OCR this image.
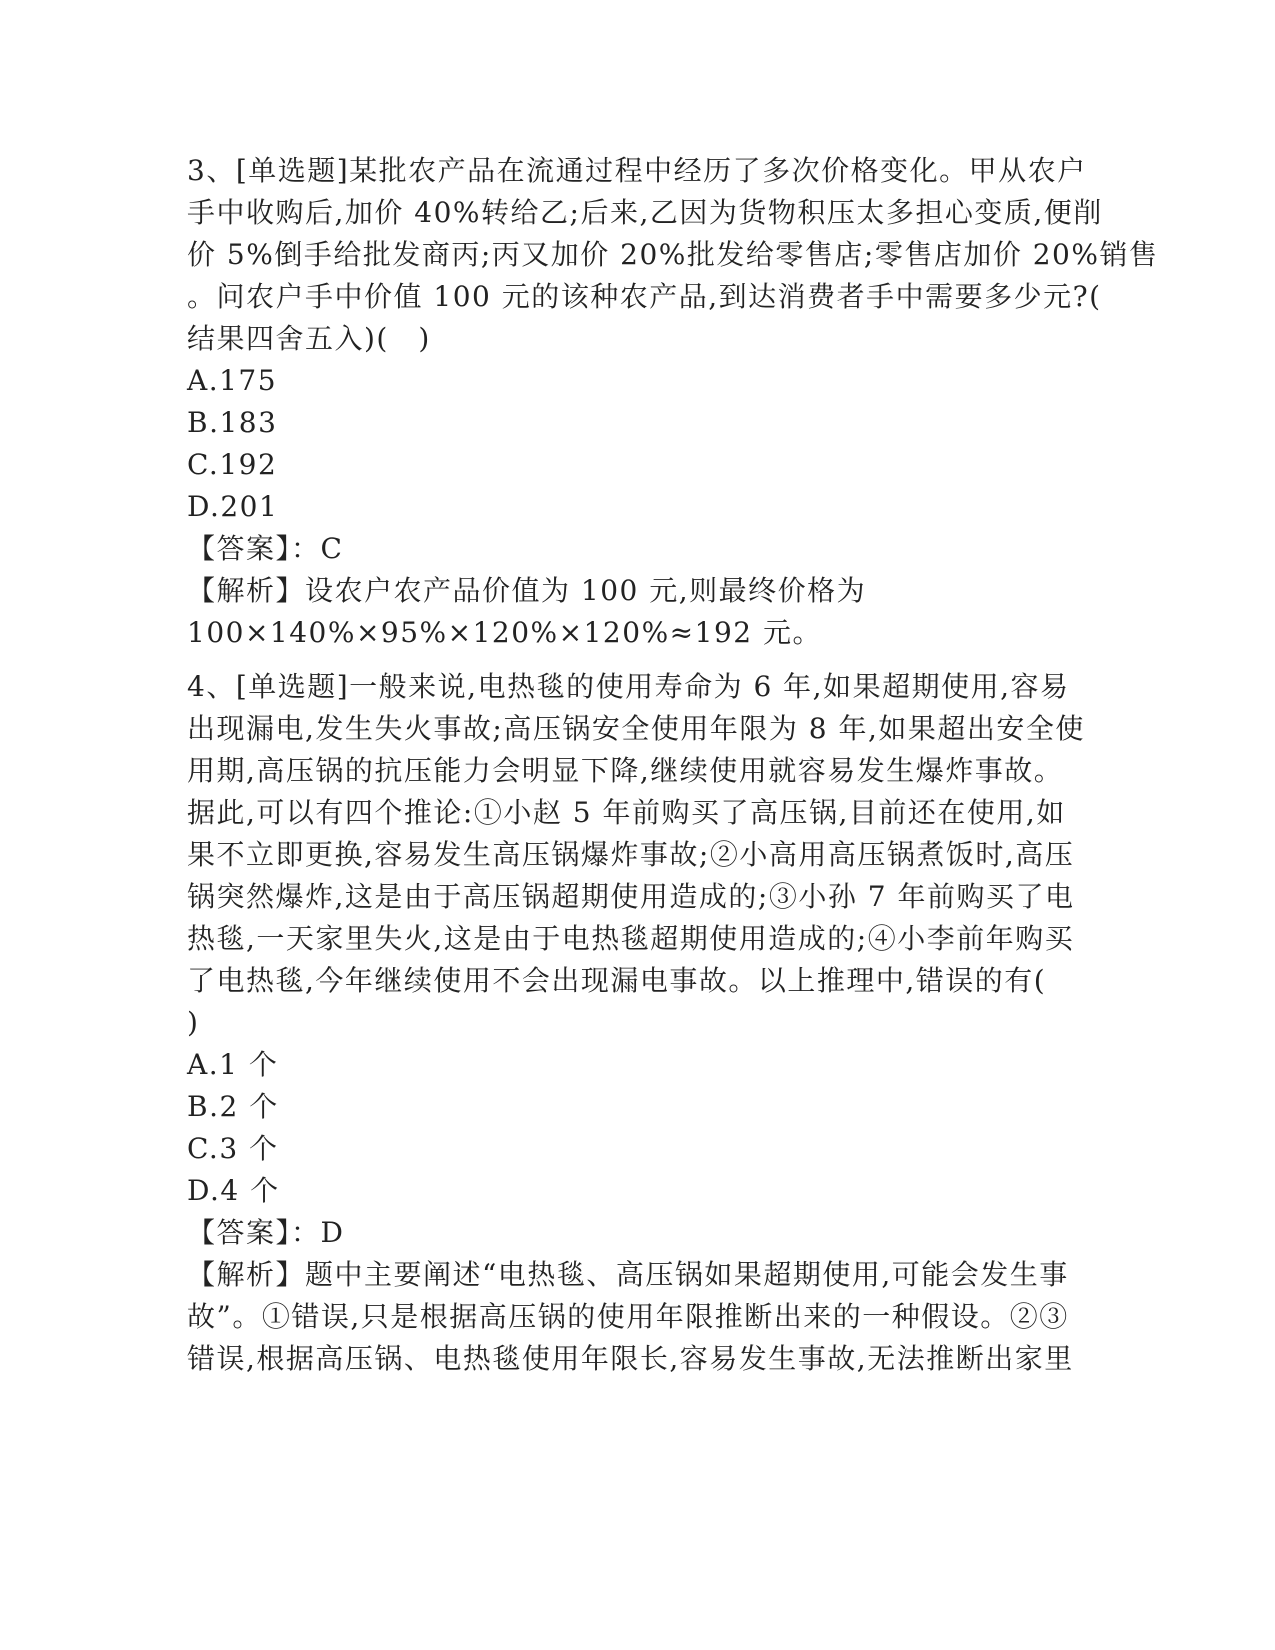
3、[单选题]某批农产品在流通过程中经历了多次价格变化。甲从农户
手中收购后,加价 40%转给乙;后来,乙因为货物积压太多担心变质,便削
价 5%倒手给批发商丙;丙又加价 20%批发给零售店;零售店加价 20%销售
。问农户手中价值 100 元的该种农产品,到达消费者手中需要多少元?(
结果四舍五入)(　)
A.175
B.183
C.192
D.201
【答案】：C
【解析】设农户农产品价值为 100 元,则最终价格为
100×140%×95%×120%×120%≈192 元。
4、[单选题]一般来说,电热毯的使用寿命为 6 年,如果超期使用,容易
出现漏电,发生失火事故;高压锅安全使用年限为 8 年,如果超出安全使
用期,高压锅的抗压能力会明显下降,继续使用就容易发生爆炸事故。
据此,可以有四个推论:①小赵 5 年前购买了高压锅,目前还在使用,如
果不立即更换,容易发生高压锅爆炸事故;②小高用高压锅煮饭时,高压
锅突然爆炸,这是由于高压锅超期使用造成的;③小孙 7 年前购买了电
热毯,一天家里失火,这是由于电热毯超期使用造成的;④小李前年购买
了电热毯,今年继续使用不会出现漏电事故。以上推理中,错误的有(
)
A.1 个
B.2 个
C.3 个
D.4 个
【答案】：D
【解析】题中主要阐述“电热毯、高压锅如果超期使用,可能会发生事
故”。①错误,只是根据高压锅的使用年限推断出来的一种假设。②③
错误,根据高压锅、电热毯使用年限长,容易发生事故,无法推断出家里
